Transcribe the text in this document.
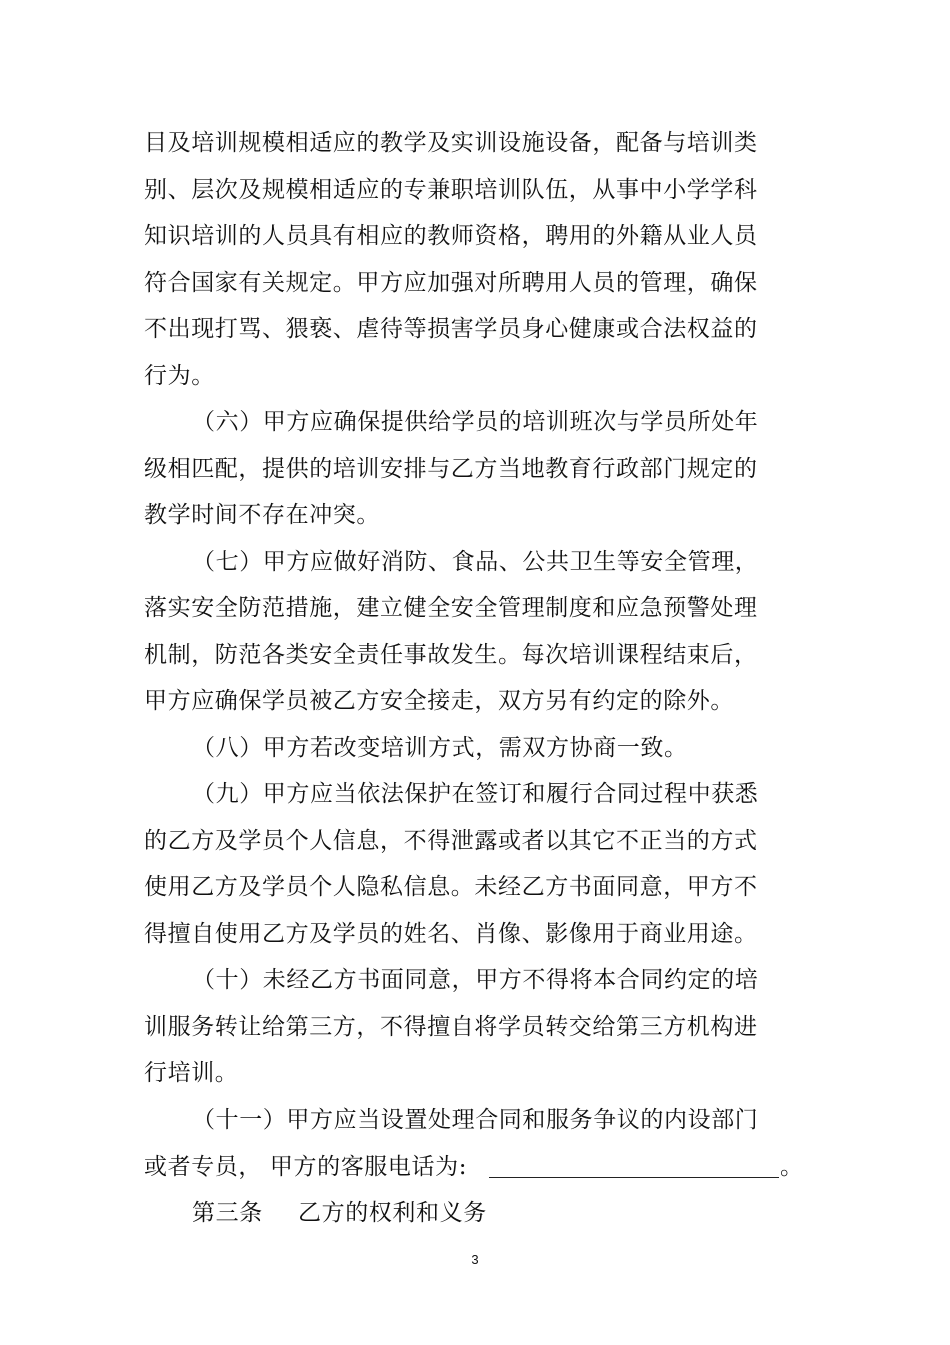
目及培训规模相适应的教学及实训设施设备，配备与培训类
别、层次及规模相适应的专兼职培训队伍，从事中小学学科
知识培训的人员具有相应的教师资格，聘用的外籍从业人员
符合国家有关规定。甲方应加强对所聘用人员的管理，确保
不出现打骂、猥亵、虐待等损害学员身心健康或合法权益的
行为。
（六）甲方应确保提供给学员的培训班次与学员所处年
级相匹配，提供的培训安排与乙方当地教育行政部门规定的
教学时间不存在冲突。
（七）甲方应做好消防、食品、公共卫生等安全管理，
落实安全防范措施，建立健全安全管理制度和应急预警处理
机制，防范各类安全责任事故发生。每次培训课程结束后，
甲方应确保学员被乙方安全接走，双方另有约定的除外。
（八）甲方若改变培训方式，需双方协商一致。
（九）甲方应当依法保护在签订和履行合同过程中获悉
的乙方及学员个人信息，不得泄露或者以其它不正当的方式
使用乙方及学员个人隐私信息。未经乙方书面同意，甲方不
得擅自使用乙方及学员的姓名、肖像、影像用于商业用途。
（十）未经乙方书面同意，甲方不得将本合同约定的培
训服务转让给第三方，不得擅自将学员转交给第三方机构进
行培训。
（十一）甲方应当设置处理合同和服务争议的内设部门
或者专员， 甲方的客服电话为:	。
第三条 乙方的权利和义务
3
